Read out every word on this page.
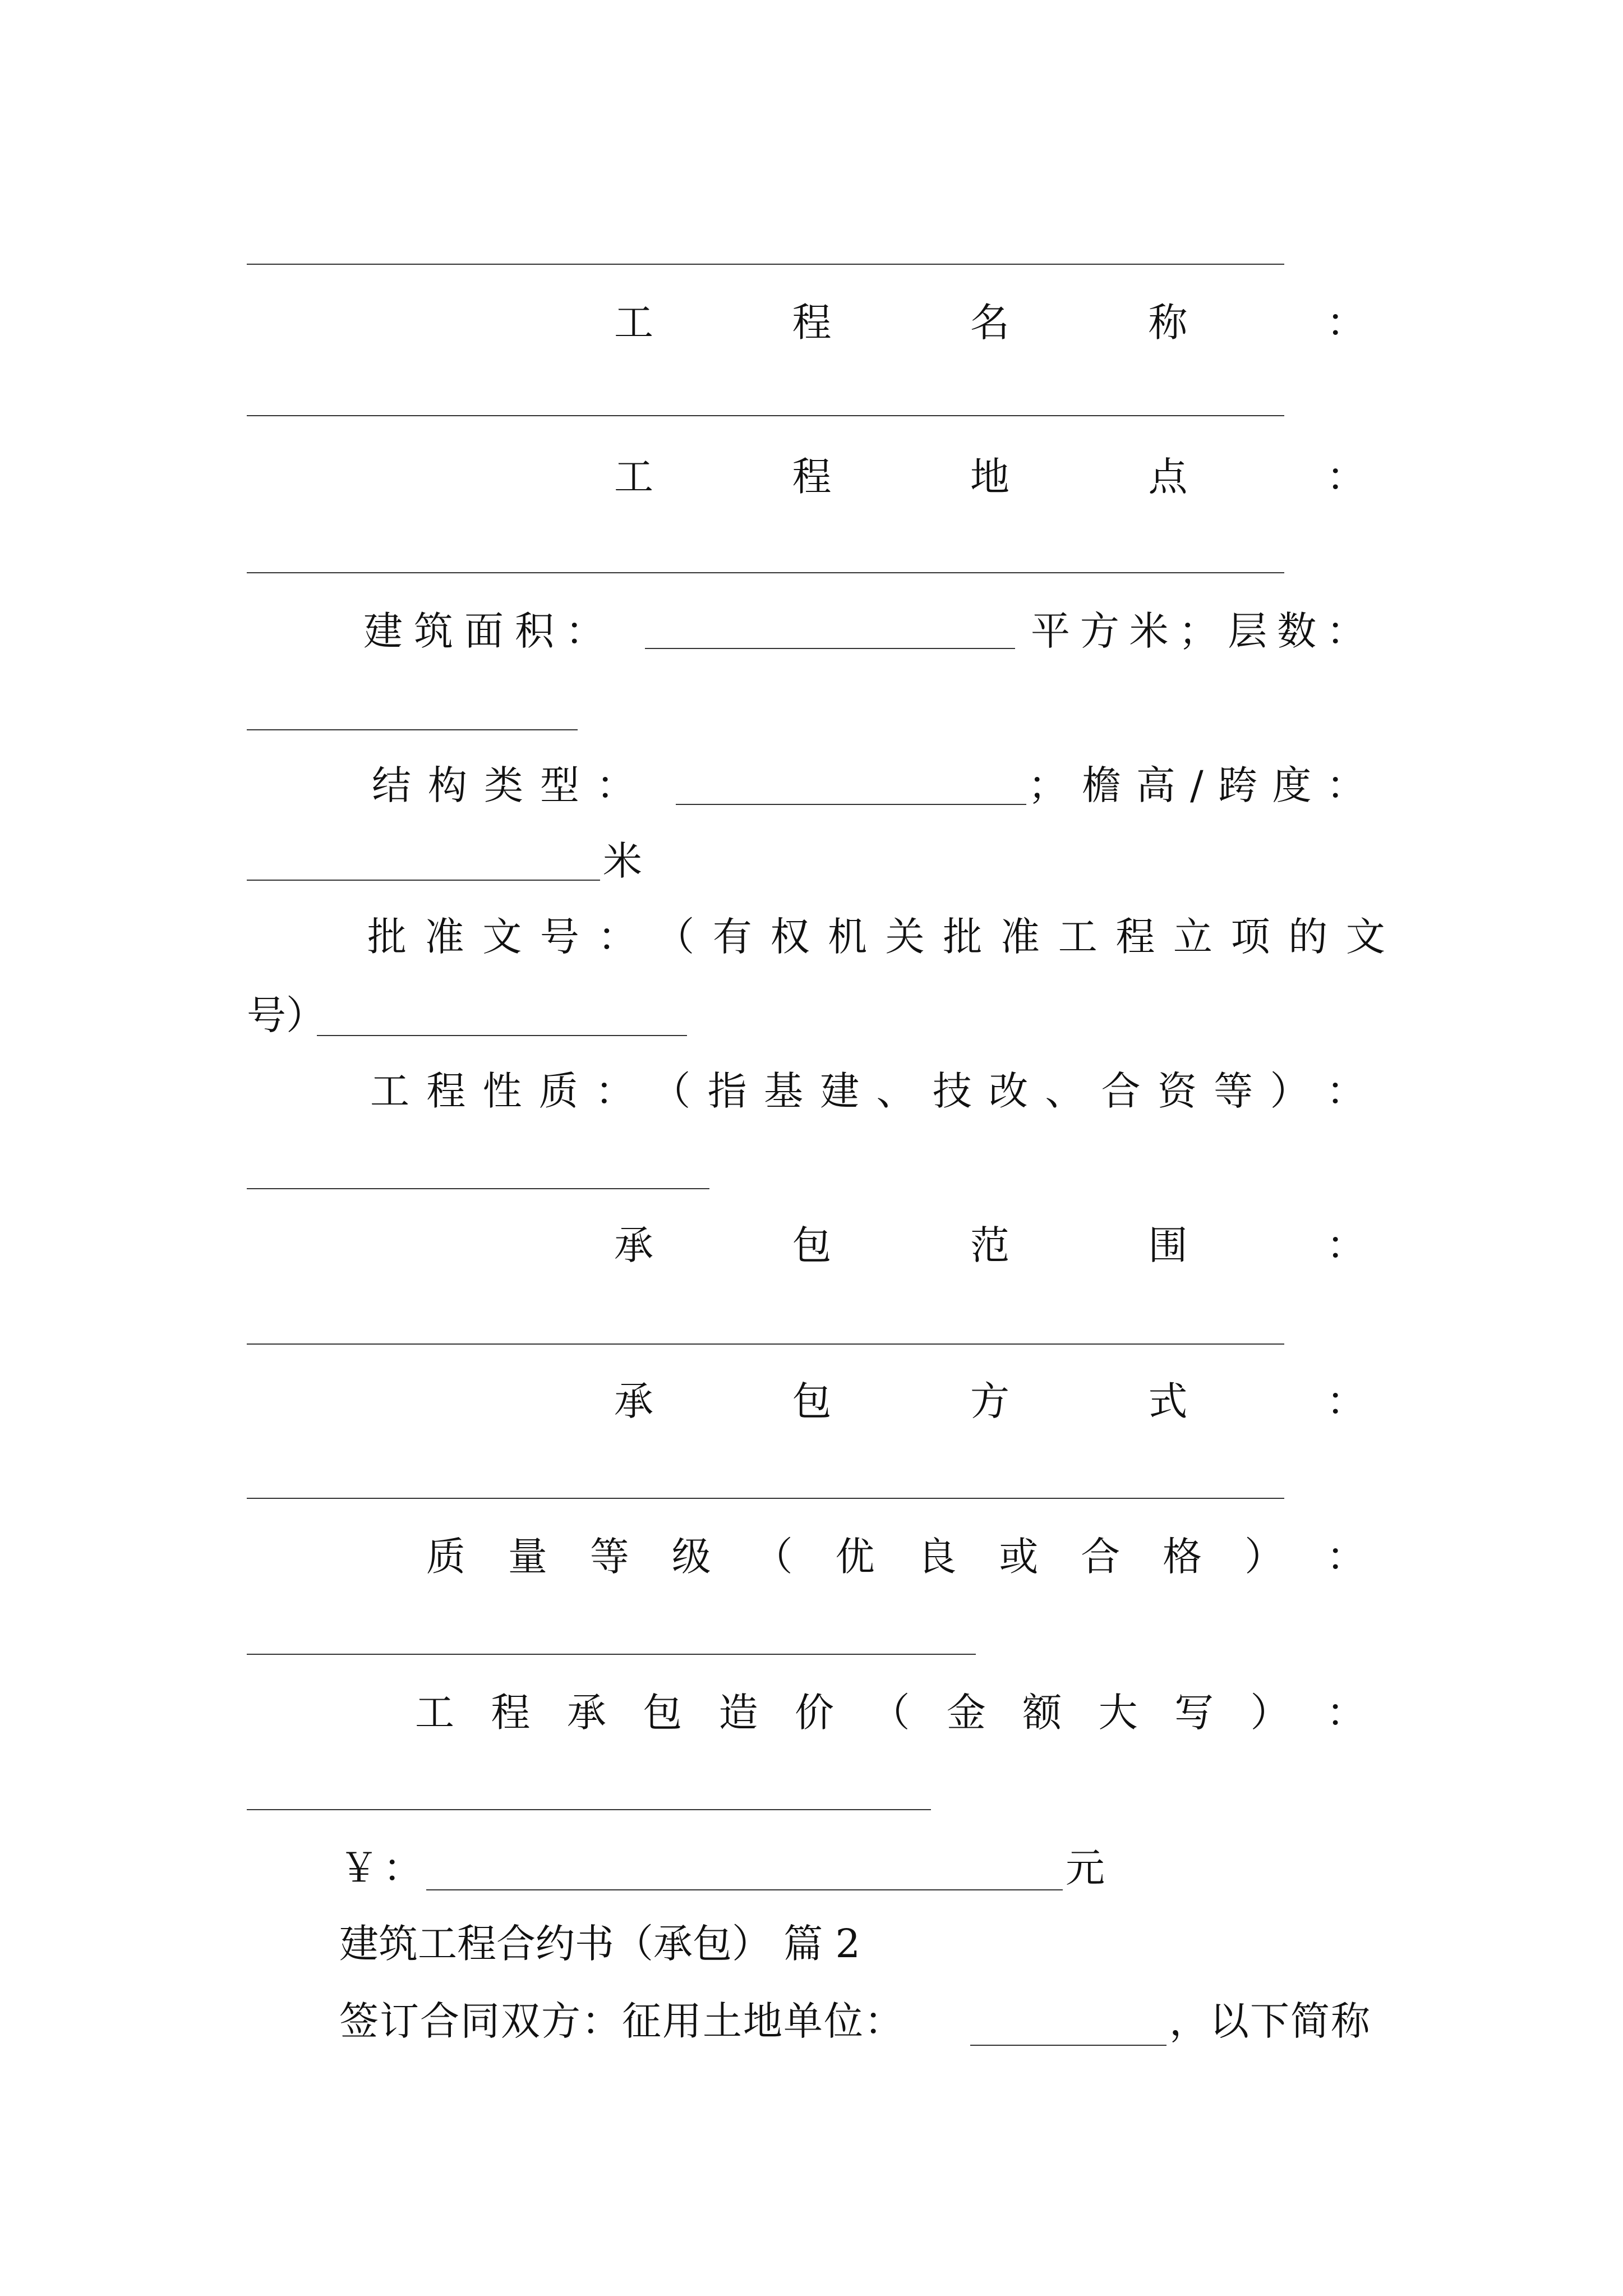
工	程	名	称	：
工	程	地	点	：
建 筑 面 积 ：	平 方 米 ； 层 数 ：
结 构 类 型 ：	； 檐 高 / 跨 度 ：
米
批 准 文 号 ： （ 有 权 机 关 批 准 工 程 立 项 的 文
号）
工 程 性 质 ： （ 指 基 建 、 技 改 、 合 资 等 ） ：
承	包	范	围	：
承	包	方	式	：
质 量 等 级 （ 优 良 或 合 格 ） ：
工 程 承 包 造 价 （ 金 额 大 写 ） ：
￥：	元
建筑工程合约书（承包） 篇 2
签订合同双方：征用土地单位：	，以下简称
